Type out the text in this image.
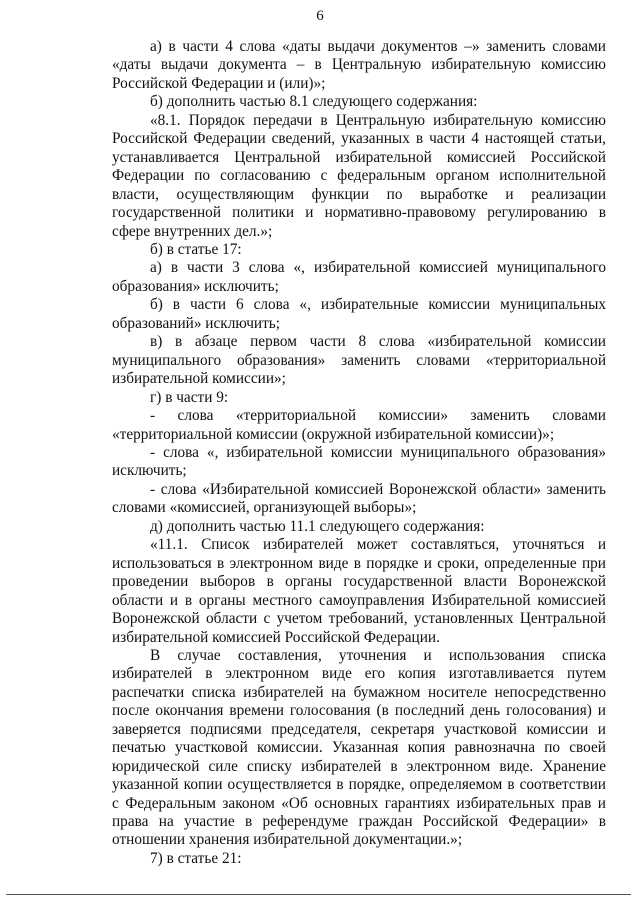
6

а) в части 4 слова «даты выдачи документов –» заменить словами «даты выдачи документа – в Центральную избирательную комиссию Российской Федерации и (или)»;

б) дополнить частью 8.1 следующего содержания:

«8.1. Порядок передачи в Центральную избирательную комиссию Российской Федерации сведений, указанных в части 4 настоящей статьи, устанавливается Центральной избирательной комиссией Российской Федерации по согласованию с федеральным органом исполнительной власти, осуществляющим функции по выработке и реализации государственной политики и нормативно-правовому регулированию в сфере внутренних дел.»;

б) в статье 17:

а) в части 3 слова «, избирательной комиссией муниципального образования» исключить;

б) в части 6 слова «, избирательные комиссии муниципальных образований» исключить;

в) в абзаце первом части 8 слова «избирательной комиссии муниципального образования» заменить словами «территориальной избирательной комиссии»;

г) в части 9:

- слова «территориальной комиссии» заменить словами «территориальной комиссии (окружной избирательной комиссии)»;

- слова «, избирательной комиссии муниципального образования» исключить;

- слова «Избирательной комиссией Воронежской области» заменить словами «комиссией, организующей выборы»;

д) дополнить частью 11.1 следующего содержания:

«11.1. Список избирателей может составляться, уточняться и использоваться в электронном виде в порядке и сроки, определенные при проведении выборов в органы государственной власти Воронежской области и в органы местного самоуправления Избирательной комиссией Воронежской области с учетом требований, установленных Центральной избирательной комиссией Российской Федерации.

В случае составления, уточнения и использования списка избирателей в электронном виде его копия изготавливается путем распечатки списка избирателей на бумажном носителе непосредственно после окончания времени голосования (в последний день голосования) и заверяется подписями председателя, секретаря участковой комиссии и печатью участковой комиссии. Указанная копия равнозначна по своей юридической силе списку избирателей в электронном виде. Хранение указанной копии осуществляется в порядке, определяемом в соответствии с Федеральным законом «Об основных гарантиях избирательных прав и права на участие в референдуме граждан Российской Федерации» в отношении хранения избирательной документации.»;

7) в статье 21:
